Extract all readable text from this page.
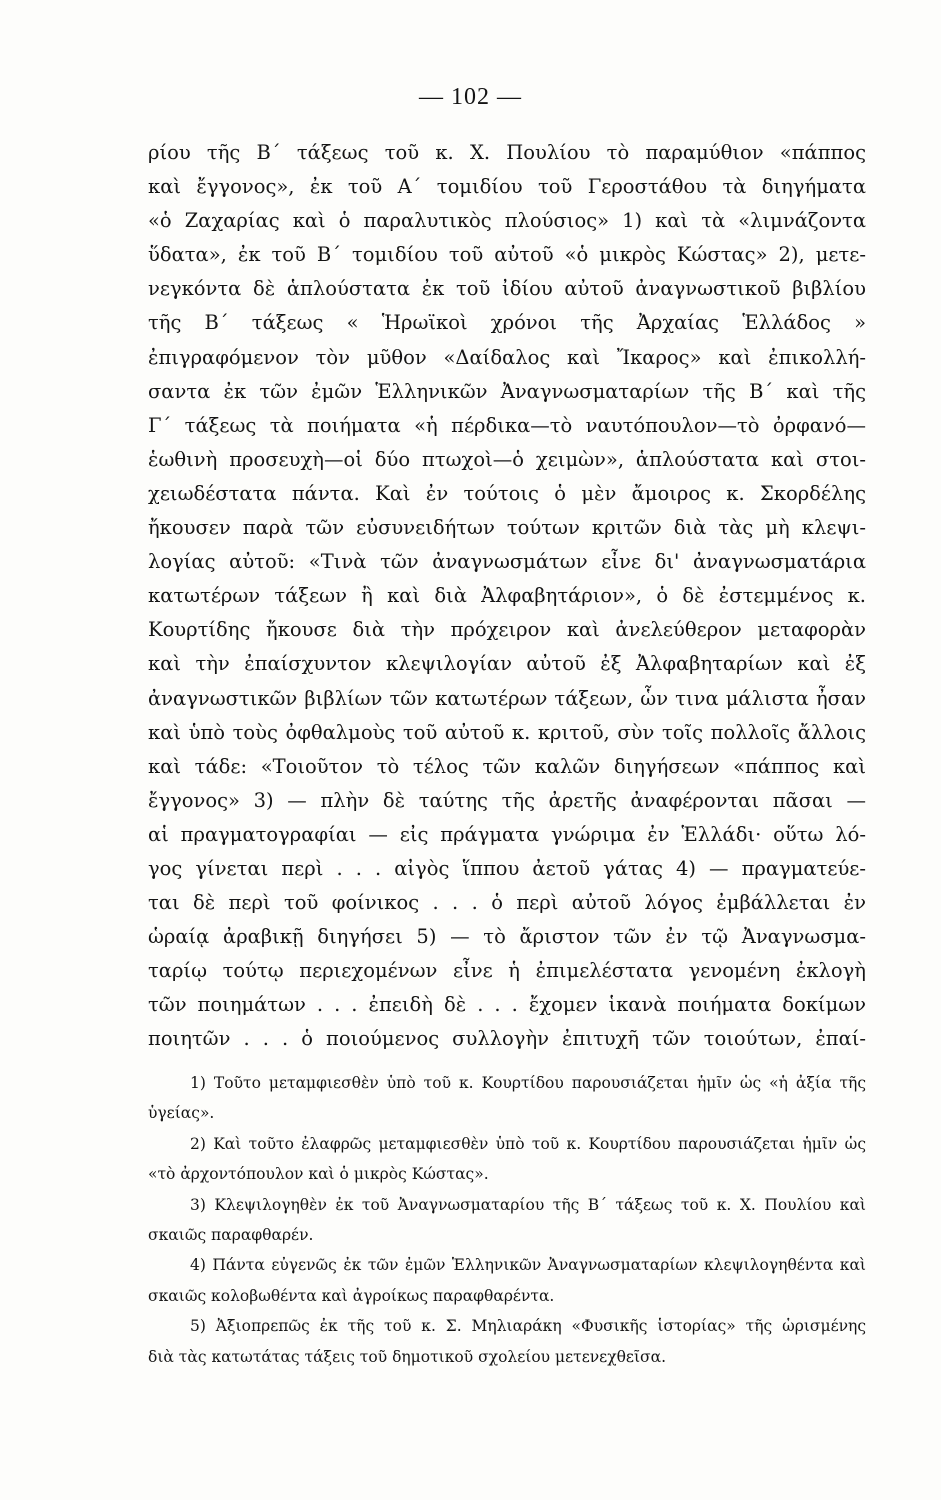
— 102 —
ρίου τῆς Β΄ τάξεως τοῦ κ. Χ. Πουλίου τὸ παραμύθιον «πάππος
καὶ ἔγγονος», ἐκ τοῦ Α΄ τομιδίου τοῦ Γεροστάθου τὰ διηγήματα
«ὁ Ζαχαρίας καὶ ὁ παραλυτικὸς πλούσιος» 1) καὶ τὰ «λιμνάζοντα
ὕδατα», ἐκ τοῦ Β΄ τομιδίου τοῦ αὐτοῦ «ὁ μικρὸς Κώστας» 2), μετε-
νεγκόντα δὲ ἁπλούστατα ἐκ τοῦ ἰδίου αὐτοῦ ἀναγνωστικοῦ βιβλίου
τῆς Β΄ τάξεως « Ἡρωϊκοὶ χρόνοι τῆς Ἀρχαίας Ἑλλάδος »
ἐπιγραφόμενον τὸν μῦθον «Δαίδαλος καὶ Ἴκαρος» καὶ ἐπικολλή-
σαντα ἐκ τῶν ἐμῶν Ἑλληνικῶν Ἀναγνωσματαρίων τῆς Β΄ καὶ τῆς
Γ΄ τάξεως τὰ ποιήματα «ἡ πέρδικα—τὸ ναυτόπουλον—τὸ ὀρφανό—
ἑωθινὴ προσευχὴ—οἱ δύο πτωχοὶ—ὁ χειμὼν», ἁπλούστατα καὶ στοι-
χειωδέστατα πάντα. Καὶ ἐν τούτοις ὁ μὲν ἄμοιρος κ. Σκορδέλης
ἤκουσεν παρὰ τῶν εὐσυνειδήτων τούτων κριτῶν διὰ τὰς μὴ κλεψι-
λογίας αὐτοῦ: «Τινὰ τῶν ἀναγνωσμάτων εἶνε δι' ἀναγνωσματάρια
κατωτέρων τάξεων ἢ καὶ διὰ Ἀλφαβητάριον», ὁ δὲ ἐστεμμένος κ.
Κουρτίδης ἤκουσε διὰ τὴν πρόχειρον καὶ ἀνελεύθερον μεταφορὰν
καὶ τὴν ἐπαίσχυντον κλεψιλογίαν αὐτοῦ ἐξ Ἀλφαβηταρίων καὶ ἐξ
ἀναγνωστικῶν βιβλίων τῶν κατωτέρων τάξεων, ὧν τινα μάλιστα ἦσαν
καὶ ὑπὸ τοὺς ὀφθαλμοὺς τοῦ αὐτοῦ κ. κριτοῦ, σὺν τοῖς πολλοῖς ἄλλοις
καὶ τάδε: «Τοιοῦτον τὸ τέλος τῶν καλῶν διηγήσεων «πάππος καὶ
ἔγγονος» 3) — πλὴν δὲ ταύτης τῆς ἀρετῆς ἀναφέρονται πᾶσαι —
αἱ πραγματογραφίαι — εἰς πράγματα γνώριμα ἐν Ἑλλάδι· οὕτω λό-
γος γίνεται περὶ . . . αἰγὸς ἵππου ἀετοῦ γάτας 4) — πραγματεύε-
ται δὲ περὶ τοῦ φοίνικος . . . ὁ περὶ αὐτοῦ λόγος ἐμβάλλεται ἐν
ὡραίᾳ ἀραβικῇ διηγήσει 5) — τὸ ἄριστον τῶν ἐν τῷ Ἀναγνωσμα-
ταρίῳ τούτῳ περιεχομένων εἶνε ἡ ἐπιμελέστατα γενομένη ἐκλογὴ
τῶν ποιημάτων . . . ἐπειδὴ δὲ . . . ἔχομεν ἱκανὰ ποιήματα δοκίμων
ποιητῶν . . . ὁ ποιούμενος συλλογὴν ἐπιτυχῆ τῶν τοιούτων, ἐπαί-
1) Τοῦτο μεταμφιεσθὲν ὑπὸ τοῦ κ. Κουρτίδου παρουσιάζεται ἡμῖν ὡς «ἡ ἀξία τῆς
ὑγείας».
2) Καὶ τοῦτο ἐλαφρῶς μεταμφιεσθὲν ὑπὸ τοῦ κ. Κουρτίδου παρουσιάζεται ἡμῖν ὡς
«τὸ ἀρχοντόπουλον καὶ ὁ μικρὸς Κώστας».
3) Κλεψιλογηθὲν ἐκ τοῦ Ἀναγνωσματαρίου τῆς Β΄ τάξεως τοῦ κ. Χ. Πουλίου καὶ
σκαιῶς παραφθαρέν.
4) Πάντα εὐγενῶς ἐκ τῶν ἐμῶν Ἑλληνικῶν Ἀναγνωσματαρίων κλεψιλογηθέντα καὶ
σκαιῶς κολοβωθέντα καὶ ἀγροίκως παραφθαρέντα.
5) Ἀξιοπρεπῶς ἐκ τῆς τοῦ κ. Σ. Μηλιαράκη «Φυσικῆς ἱστορίας» τῆς ὡρισμένης
διὰ τὰς κατωτάτας τάξεις τοῦ δημοτικοῦ σχολείου μετενεχθεῖσα.
